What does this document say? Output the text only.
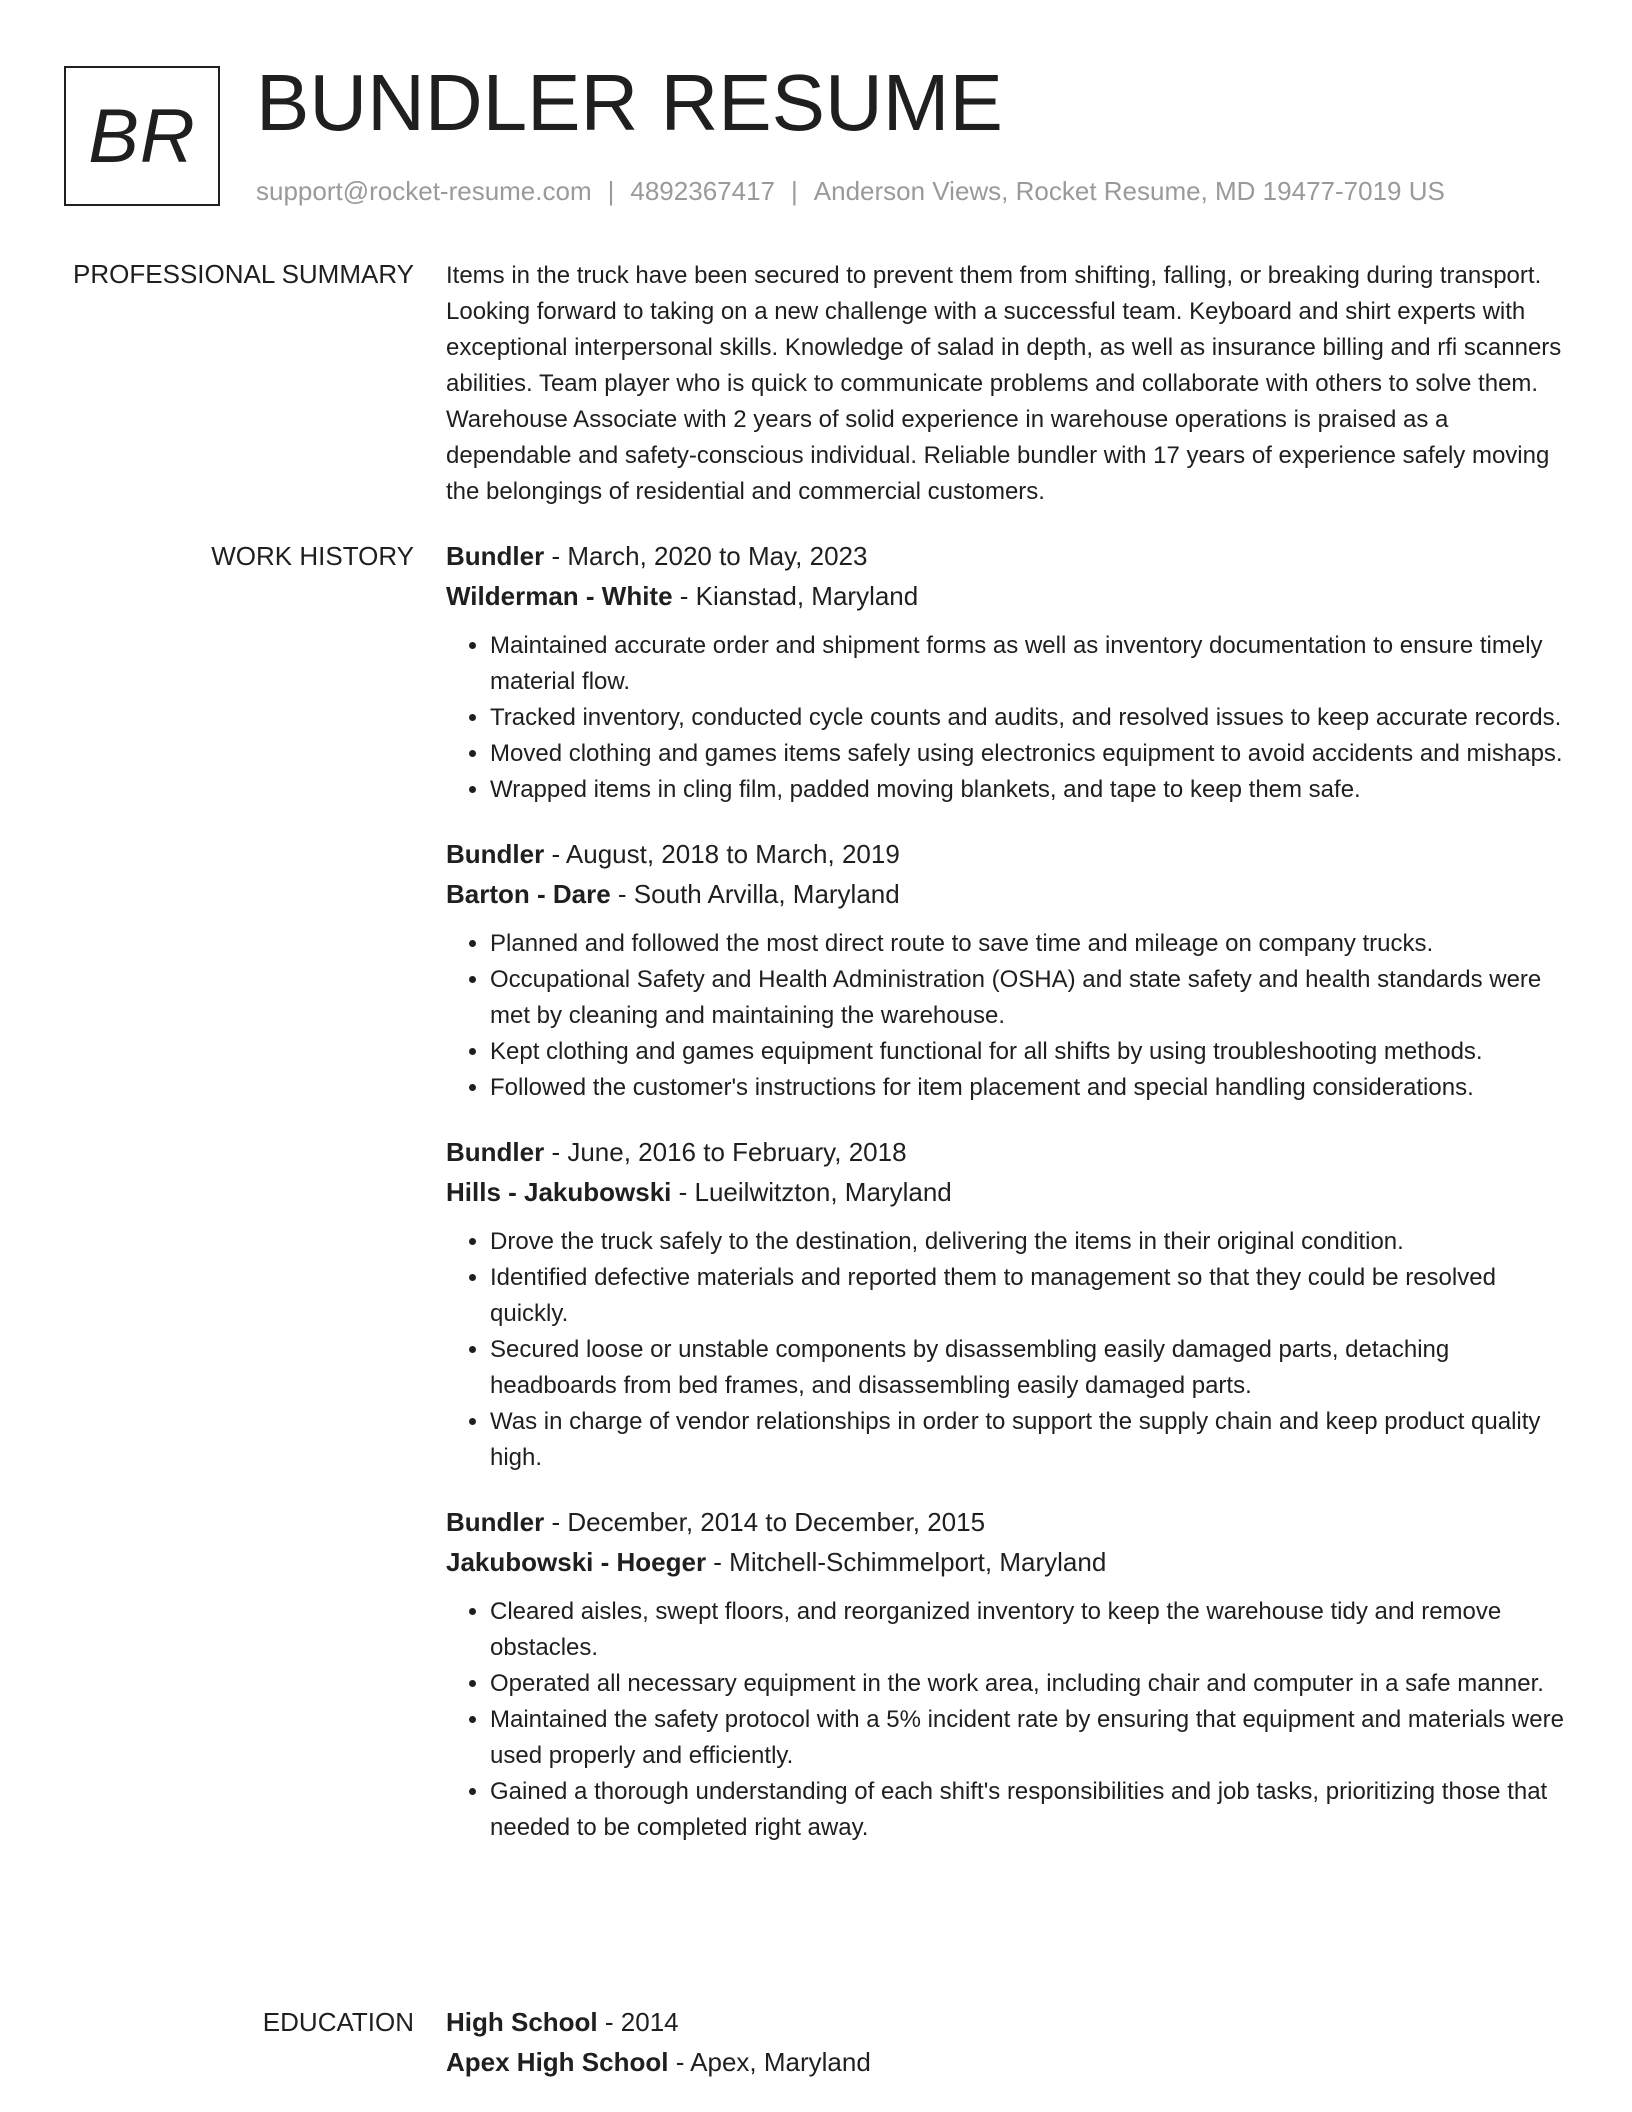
BR BUNDLER RESUME
support@rocket-resume.com | 4892367417 | Anderson Views, Rocket Resume, MD 19477-7019 US
PROFESSIONAL SUMMARY Items in the truck have been secured to prevent them from shifting, falling, or breaking during transport. Looking forward to taking on a new challenge with a successful team. Keyboard and shirt experts with exceptional interpersonal skills. Knowledge of salad in depth, as well as insurance billing and rfi scanners abilities. Team player who is quick to communicate problems and collaborate with others to solve them. Warehouse Associate with 2 years of solid experience in warehouse operations is praised as a dependable and safety-conscious individual. Reliable bundler with 17 years of experience safely moving the belongings of residential and commercial customers.

WORK HISTORY Bundler - March, 2020 to May, 2023

Wilderman - White - Kianstad, Maryland

• Maintained accurate order and shipment forms as well as inventory documentation to ensure timely material flow.
• Tracked inventory, conducted cycle counts and audits, and resolved issues to keep accurate records.
• Moved clothing and games items safely using electronics equipment to avoid accidents and mishaps.
• Wrapped items in cling film, padded moving blankets, and tape to keep them safe.

Bundler - August, 2018 to March, 2019

Barton - Dare - South Arvilla, Maryland

• Planned and followed the most direct route to save time and mileage on company trucks.
• Occupational Safety and Health Administration (OSHA) and state safety and health standards were met by cleaning and maintaining the warehouse.
• Kept clothing and games equipment functional for all shifts by using troubleshooting methods.
• Followed the customer's instructions for item placement and special handling considerations.

Bundler - June, 2016 to February, 2018

Hills - Jakubowski - Lueilwitzton, Maryland

• Drove the truck safely to the destination, delivering the items in their original condition.
• Identified defective materials and reported them to management so that they could be resolved quickly.
• Secured loose or unstable components by disassembling easily damaged parts, detaching headboards from bed frames, and disassembling easily damaged parts.
• Was in charge of vendor relationships in order to support the supply chain and keep product quality high.

Bundler - December, 2014 to December, 2015

Jakubowski - Hoeger - Mitchell-Schimmelport, Maryland

• Cleared aisles, swept floors, and reorganized inventory to keep the warehouse tidy and remove obstacles.
• Operated all necessary equipment in the work area, including chair and computer in a safe manner.
• Maintained the safety protocol with a 5% incident rate by ensuring that equipment and materials were used properly and efficiently.
• Gained a thorough understanding of each shift's responsibilities and job tasks, prioritizing those that needed to be completed right away.
EDUCATION High School - 2014

Apex High School - Apex, Maryland
